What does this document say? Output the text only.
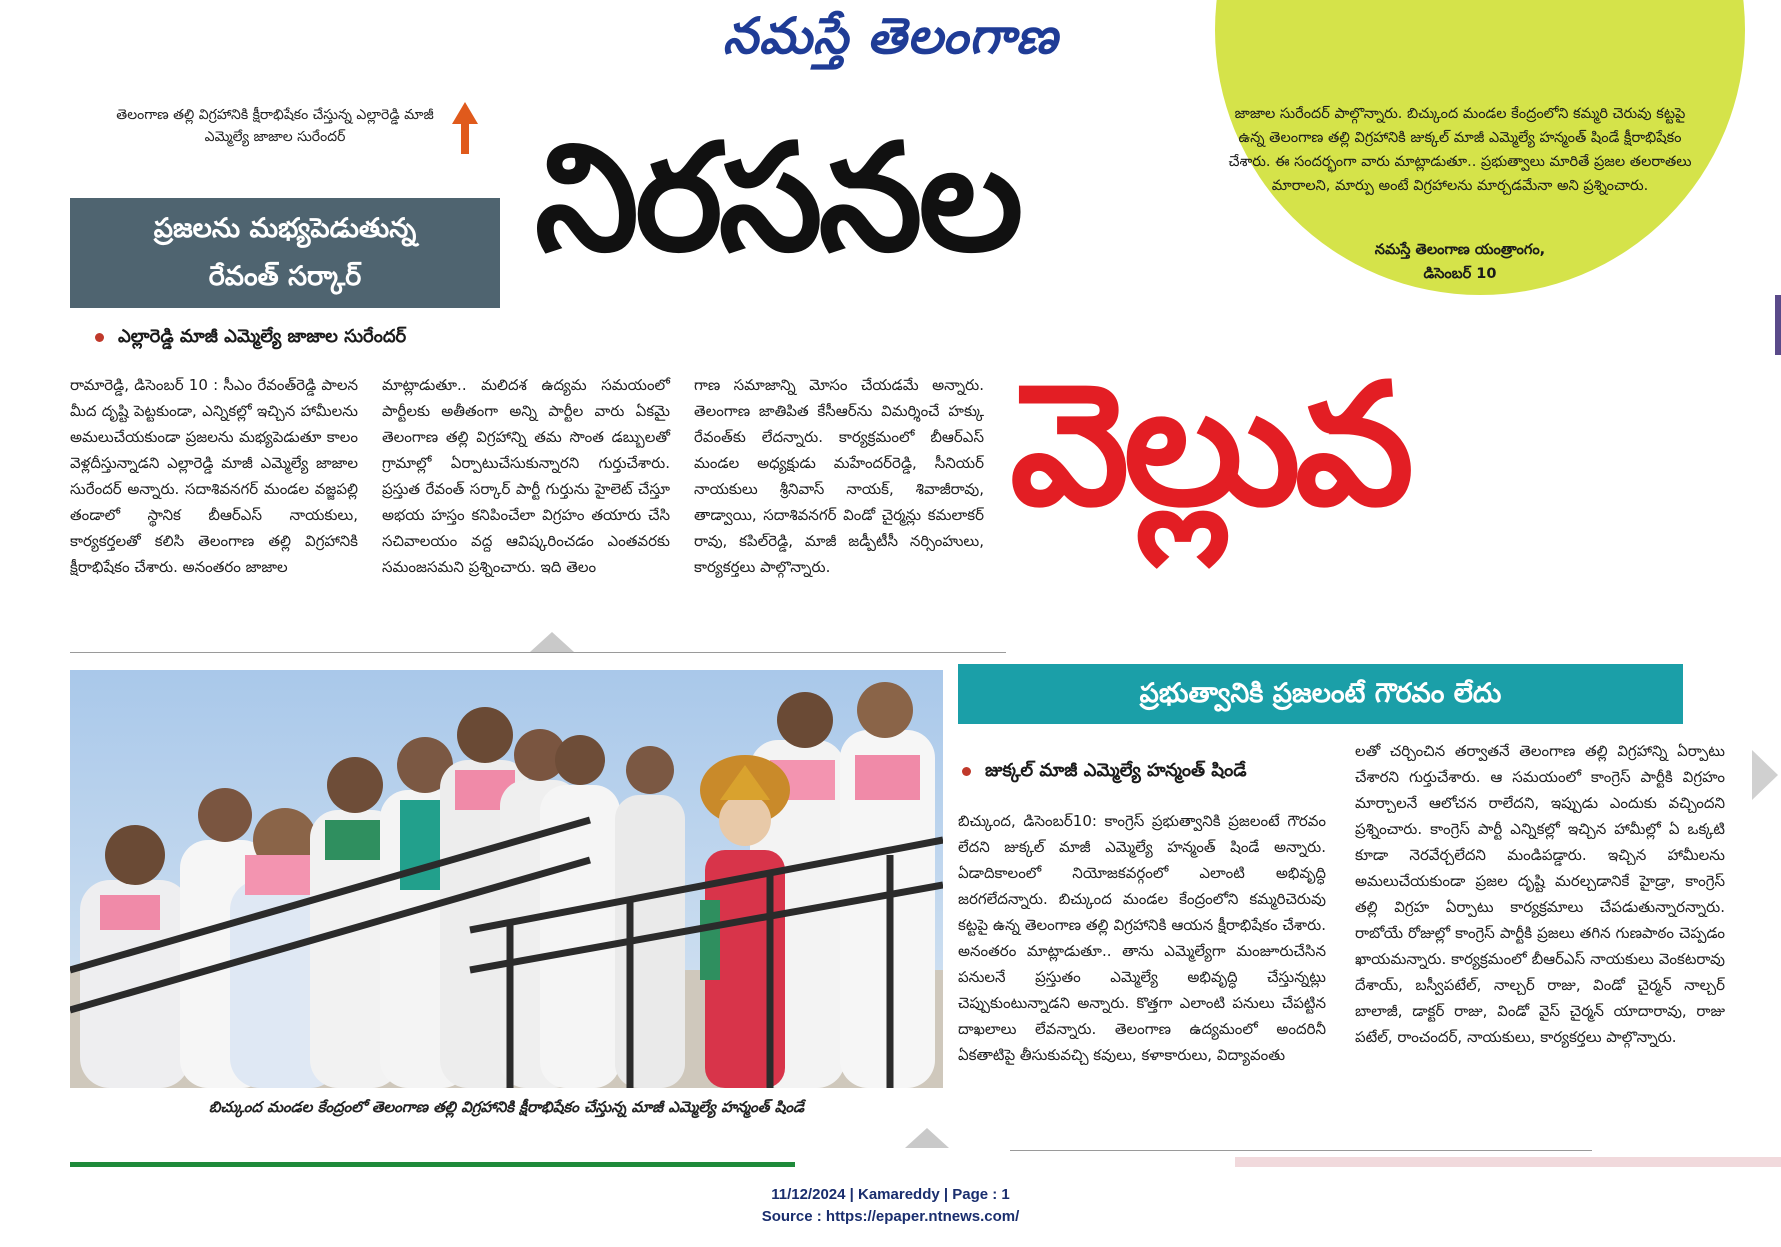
నమస్తే తెలంగాణ
తెలంగాణ తల్లి విగ్రహానికి క్షీరాభిషేకం చేస్తున్న ఎల్లారెడ్డి మాజీ ఎమ్మెల్యే జాజాల సురేందర్
జాజాల సురేందర్ పాల్గొన్నారు. బిచ్కుంద మండల కేంద్రంలోని కమ్మరి చెరువు కట్టపై ఉన్న తెలంగాణ తల్లి విగ్రహానికి జుక్కల్ మాజీ ఎమ్మెల్యే హన్మంత్ షిండే క్షీరాభిషేకం చేశారు. ఈ సందర్భంగా వారు మాట్లాడుతూ.. ప్రభుత్వాలు మారితే ప్రజల తలరాతలు మారాలని, మార్పు అంటే విగ్రహాలను మార్చడమేనా అని ప్రశ్నించారు.
నమస్తే తెలంగాణ యంత్రాంగం,
డిసెంబర్ 10
నిరసనల
వెల్లువ
ప్రజలను మభ్యపెడుతున్న
రేవంత్ సర్కార్
ఎల్లారెడ్డి మాజీ ఎమ్మెల్యే జాజాల సురేందర్
రామారెడ్డి, డిసెంబర్ 10 : సీఎం రేవంత్‌రెడ్డి పాలన మీద దృష్టి పెట్టకుండా, ఎన్నికల్లో ఇచ్చిన హామీలను అమలుచేయకుండా ప్రజలను మభ్యపెడుతూ కాలం వెళ్లదీస్తున్నాడని ఎల్లారెడ్డి మాజీ ఎమ్మెల్యే జాజాల సురేందర్ అన్నారు. సదాశివనగర్ మండల వజ్జపల్లి తండాలో స్థానిక బీఆర్ఎస్ నాయకులు, కార్యకర్తలతో కలిసి తెలంగాణ తల్లి విగ్రహానికి క్షీరాభిషేకం చేశారు. అనంతరం జాజాల
మాట్లాడుతూ.. మలిదశ ఉద్యమ సమయంలో పార్టీలకు అతీతంగా అన్ని పార్టీల వారు ఏకమై తెలంగాణ తల్లి విగ్రహాన్ని తమ సొంత డబ్బులతో గ్రామాల్లో ఏర్పాటుచేసుకున్నారని గుర్తుచేశారు. ప్రస్తుత రేవంత్ సర్కార్ పార్టీ గుర్తును హైలెట్ చేస్తూ అభయ హస్తం కనిపించేలా విగ్రహం తయారు చేసి సచివాలయం వద్ద ఆవిష్కరించడం ఎంతవరకు సమంజసమని ప్రశ్నించారు. ఇది తెలం
గాణ సమాజాన్ని మోసం చేయడమే అన్నారు. తెలంగాణ జాతిపిత కేసీఆర్‌ను విమర్శించే హక్కు రేవంత్‌కు లేదన్నారు. కార్యక్రమంలో బీఆర్ఎస్ మండల అధ్యక్షుడు మహేందర్‌రెడ్డి, సీనియర్ నాయకులు శ్రీనివాస్ నాయక్, శివాజీరావు, తాడ్వాయి, సదాశివనగర్ విండో చైర్మన్లు కమలాకర్ రావు, కపిల్‌రెడ్డి, మాజీ జడ్పీటీసీ నర్సింహులు, కార్యకర్తలు పాల్గొన్నారు.
బిచ్కుంద మండల కేంద్రంలో తెలంగాణ తల్లి విగ్రహానికి క్షీరాభిషేకం చేస్తున్న మాజీ ఎమ్మెల్యే హన్మంత్ షిండే
ప్రభుత్వానికి ప్రజలంటే గౌరవం లేదు
జుక్కల్ మాజీ ఎమ్మెల్యే హన్మంత్ షిండే
బిచ్కుంద, డిసెంబర్10: కాంగ్రెస్ ప్రభుత్వానికి ప్రజలంటే గౌరవం లేదని జుక్కల్ మాజీ ఎమ్మెల్యే హన్మంత్ షిండే అన్నారు. ఏడాదికాలంలో నియోజకవర్గంలో ఎలాంటి అభివృద్ధి జరగలేదన్నారు. బిచ్కుంద మండల కేంద్రంలోని కమ్మరిచెరువు కట్టపై ఉన్న తెలంగాణ తల్లి విగ్రహానికి ఆయన క్షీరాభిషేకం చేశారు. అనంతరం మాట్లాడుతూ.. తాను ఎమ్మెల్యేగా మంజూరుచేసిన పనులనే ప్రస్తుతం ఎమ్మెల్యే అభివృద్ధి చేస్తున్నట్లు చెప్పుకుంటున్నాడని అన్నారు. కొత్తగా ఎలాంటి పనులు చేపట్టిన దాఖలాలు లేవన్నారు. తెలంగాణ ఉద్యమంలో అందరినీ ఏకతాటిపై తీసుకువచ్చి కవులు, కళాకారులు, విద్యావంతు
లతో చర్చించిన తర్వాతనే తెలంగాణ తల్లి విగ్రహాన్ని ఏర్పాటు చేశారని గుర్తుచేశారు. ఆ సమయంలో కాంగ్రెస్ పార్టీకి విగ్రహం మార్చాలనే ఆలోచన రాలేదని, ఇప్పుడు ఎందుకు వచ్చిందని ప్రశ్నించారు. కాంగ్రెస్ పార్టీ ఎన్నికల్లో ఇచ్చిన హామీల్లో ఏ ఒక్కటి కూడా నెరవేర్చలేదని మండిపడ్డారు. ఇచ్చిన హామీలను అమలుచేయకుండా ప్రజల దృష్టి మరల్చడానికే హైడ్రా, కాంగ్రెస్ తల్లి విగ్రహ ఏర్పాటు కార్యక్రమాలు చేపడుతున్నారన్నారు. రాబోయే రోజుల్లో కాంగ్రెస్ పార్టీకి ప్రజలు తగిన గుణపాఠం చెప్పడం ఖాయమన్నారు. కార్యక్రమంలో బీఆర్ఎస్ నాయకులు వెంకటరావు దేశాయ్, బస్వీపటేల్, నాల్చర్ రాజు, విండో చైర్మన్ నాల్చర్ బాలాజీ, డాక్టర్ రాజు, విండో వైస్ చైర్మన్ యాదారావు, రాజు పటేల్, రాంచందర్, నాయకులు, కార్యకర్తలు పాల్గొన్నారు.
11/12/2024 | Kamareddy | Page : 1
Source : https://epaper.ntnews.com/
